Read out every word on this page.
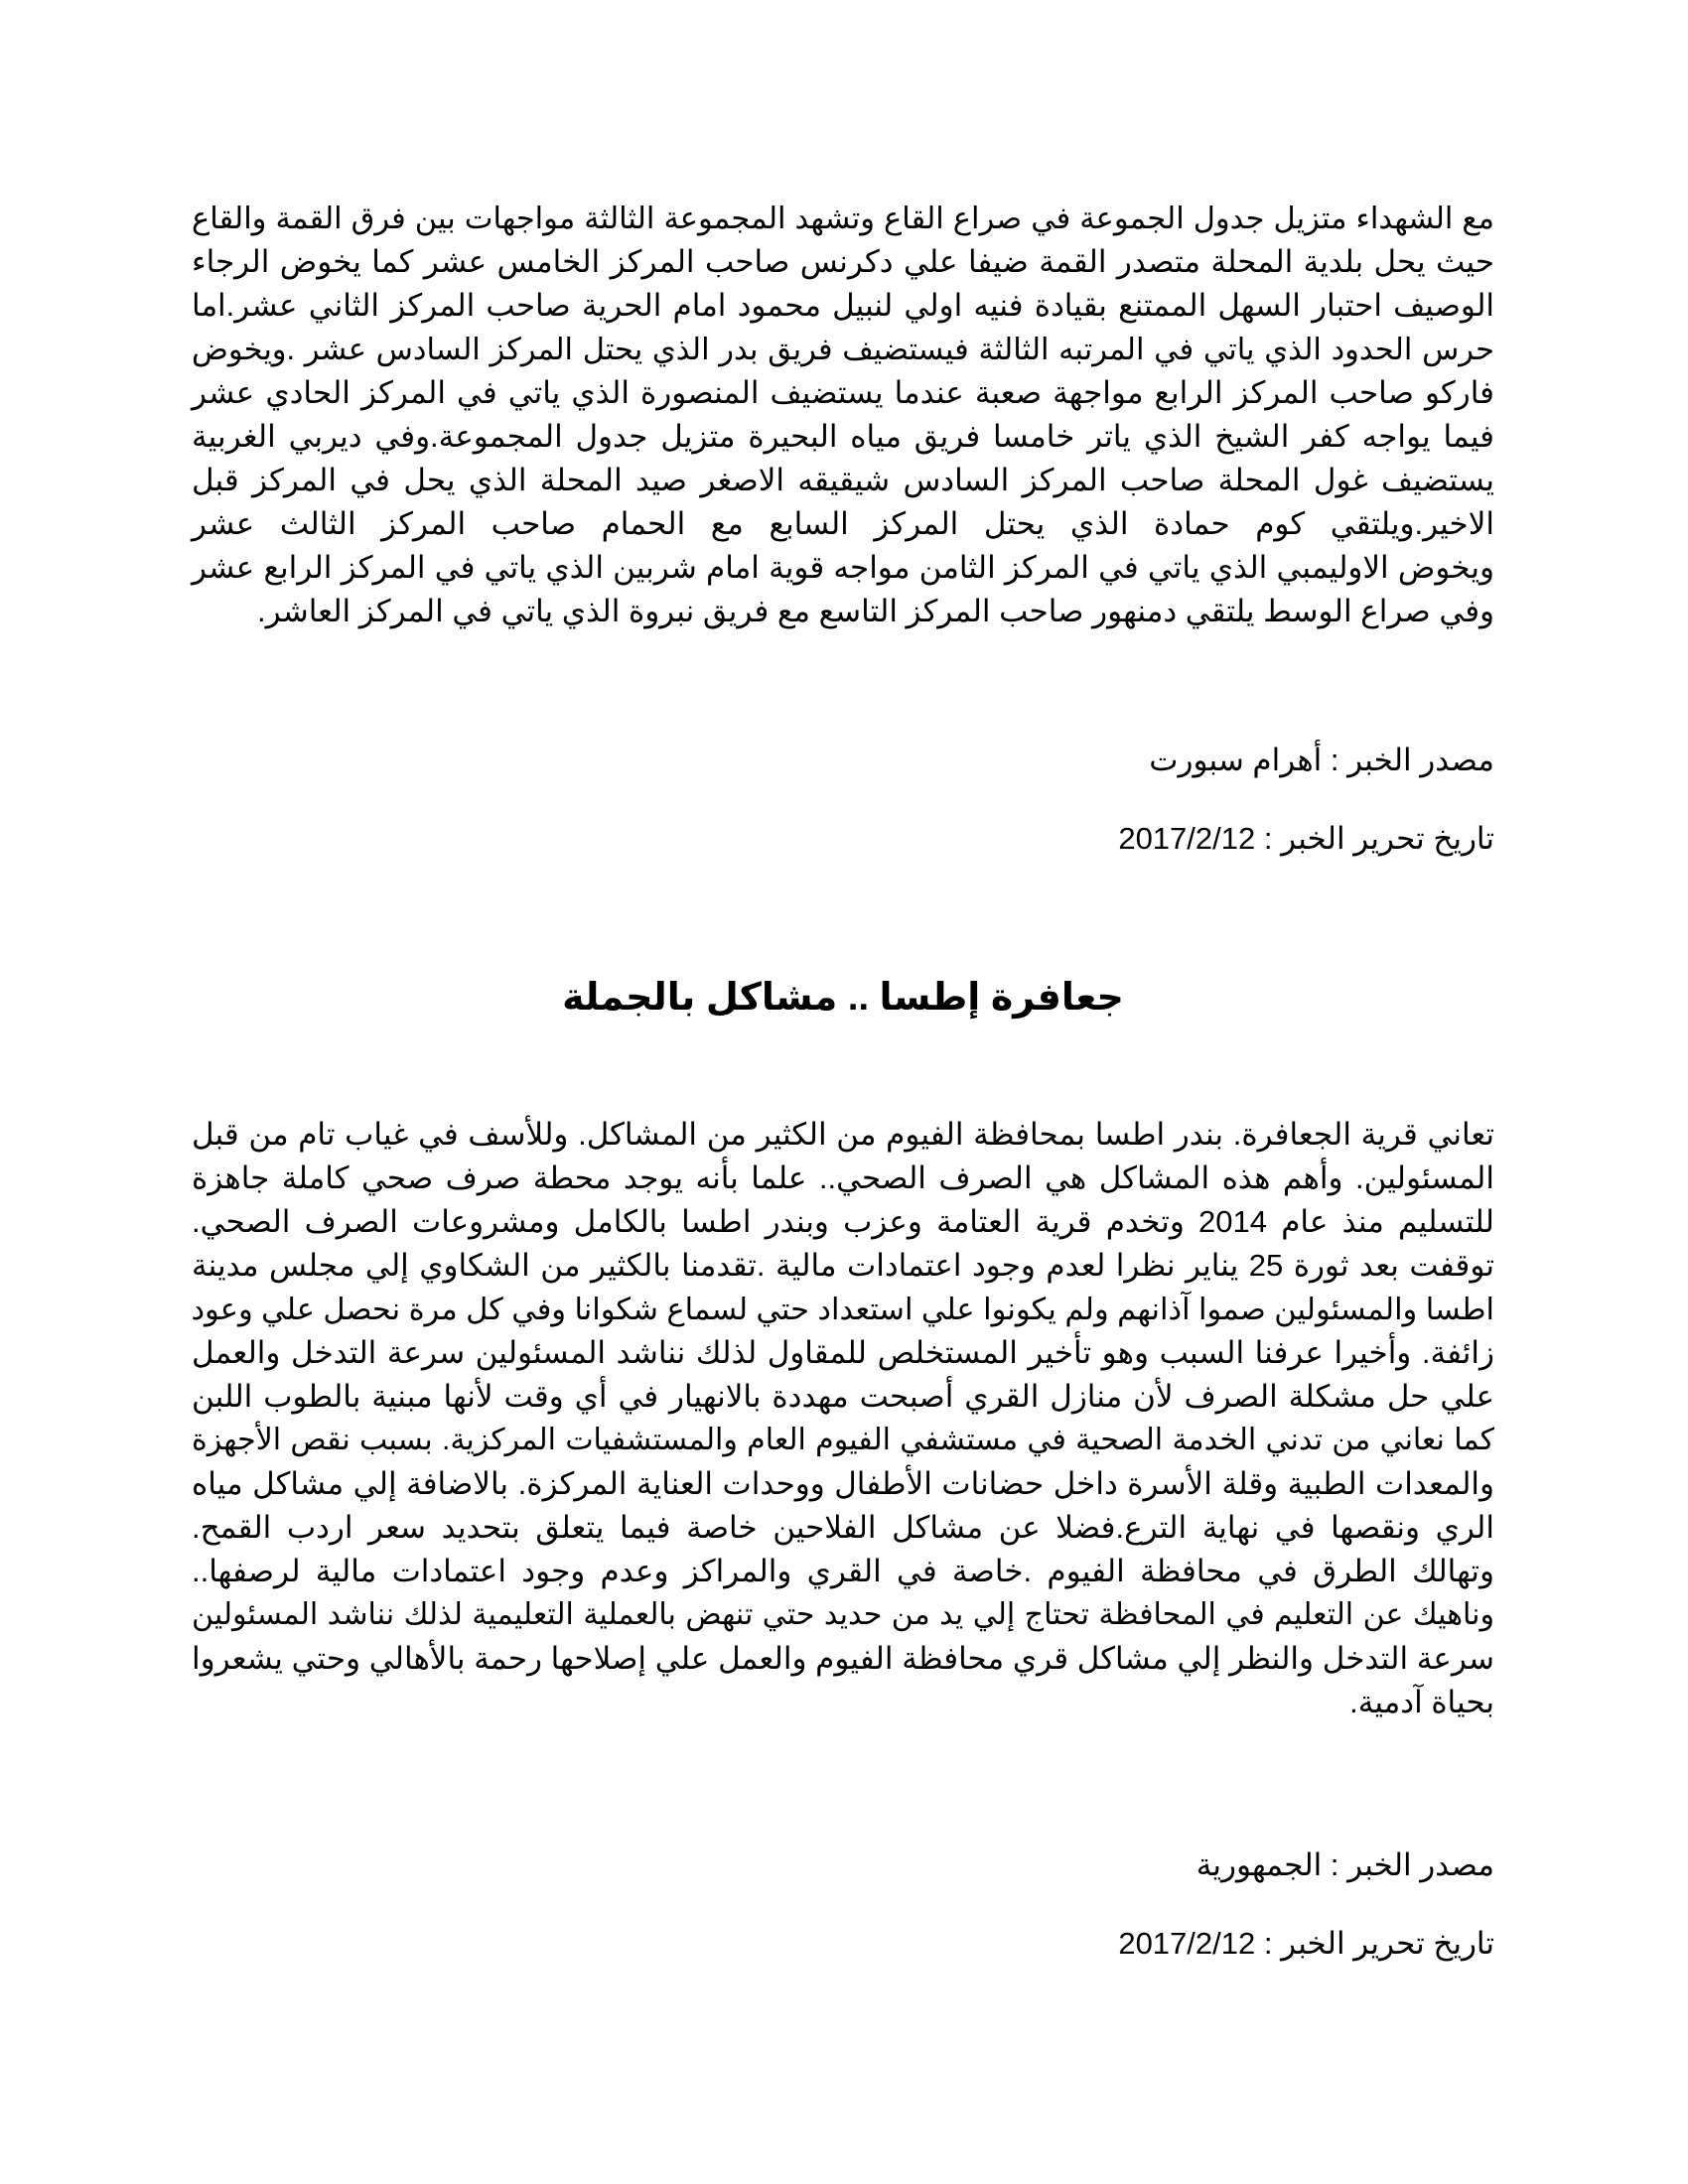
مع الشهداء متزيل جدول الجموعة في صراع القاع وتشهد المجموعة الثالثة مواجهات بين فرق القمة والقاع
حيث يحل بلدية المحلة متصدر القمة ضيفا علي دكرنس صاحب المركز الخامس عشر كما يخوض الرجاء
الوصيف احتبار السهل الممتنع بقيادة فنيه اولي لنبيل محمود امام الحرية صاحب المركز الثاني عشر.اما
حرس الحدود الذي ياتي في المرتبه الثالثة فيستضيف فريق بدر الذي يحتل المركز السادس عشر .ويخوض
فاركو صاحب المركز الرابع مواجهة صعبة عندما يستضيف المنصورة الذي ياتي في المركز الحادي عشر
فيما يواجه كفر الشيخ الذي ياتر خامسا فريق مياه البحيرة متزيل جدول المجموعة.وفي ديربي الغربية
يستضيف غول المحلة صاحب المركز السادس شيقيقه الاصغر صيد المحلة الذي يحل في المركز قبل
الاخير.ويلتقي كوم حمادة الذي يحتل المركز السابع مع الحمام صاحب المركز الثالث عشر
ويخوض الاوليمبي الذي ياتي في المركز الثامن مواجه قوية امام شربين الذي ياتي في المركز الرابع عشر
وفي صراع الوسط يلتقي دمنهور صاحب المركز التاسع مع فريق نبروة الذي ياتي في المركز العاشر.
مصدر الخبر : أهرام سبورت
تاريخ تحرير الخبر : 2017/2/12
جعافرة إطسا .. مشاكل بالجملة
تعاني قرية الجعافرة. بندر اطسا بمحافظة الفيوم من الكثير من المشاكل. وللأسف في غياب تام من قبل
المسئولين. وأهم هذه المشاكل هي الصرف الصحي.. علما بأنه يوجد محطة صرف صحي كاملة جاهزة
للتسليم منذ عام 2014 وتخدم قرية العتامة وعزب وبندر اطسا بالكامل ومشروعات الصرف الصحي.
توقفت بعد ثورة 25 يناير نظرا لعدم وجود اعتمادات مالية .تقدمنا بالكثير من الشكاوي إلي مجلس مدينة
اطسا والمسئولين صموا آذانهم ولم يكونوا علي استعداد حتي لسماع شكوانا وفي كل مرة نحصل علي وعود
زائفة. وأخيرا عرفنا السبب وهو تأخير المستخلص للمقاول لذلك نناشد المسئولين سرعة التدخل والعمل
علي حل مشكلة الصرف لأن منازل القري أصبحت مهددة بالانهيار في أي وقت لأنها مبنية بالطوب اللبن
كما نعاني من تدني الخدمة الصحية في مستشفي الفيوم العام والمستشفيات المركزية. بسبب نقص الأجهزة
والمعدات الطبية وقلة الأسرة داخل حضانات الأطفال ووحدات العناية المركزة. بالاضافة إلي مشاكل مياه
الري ونقصها في نهاية الترع.فضلا عن مشاكل الفلاحين خاصة فيما يتعلق بتحديد سعر اردب القمح.
وتهالك الطرق في محافظة الفيوم .خاصة في القري والمراكز وعدم وجود اعتمادات مالية لرصفها..
وناهيك عن التعليم في المحافظة تحتاج إلي يد من حديد حتي تنهض بالعملية التعليمية لذلك نناشد المسئولين
سرعة التدخل والنظر إلي مشاكل قري محافظة الفيوم والعمل علي إصلاحها رحمة بالأهالي وحتي يشعروا
بحياة آدمية.
مصدر الخبر : الجمهورية
تاريخ تحرير الخبر : 2017/2/12
